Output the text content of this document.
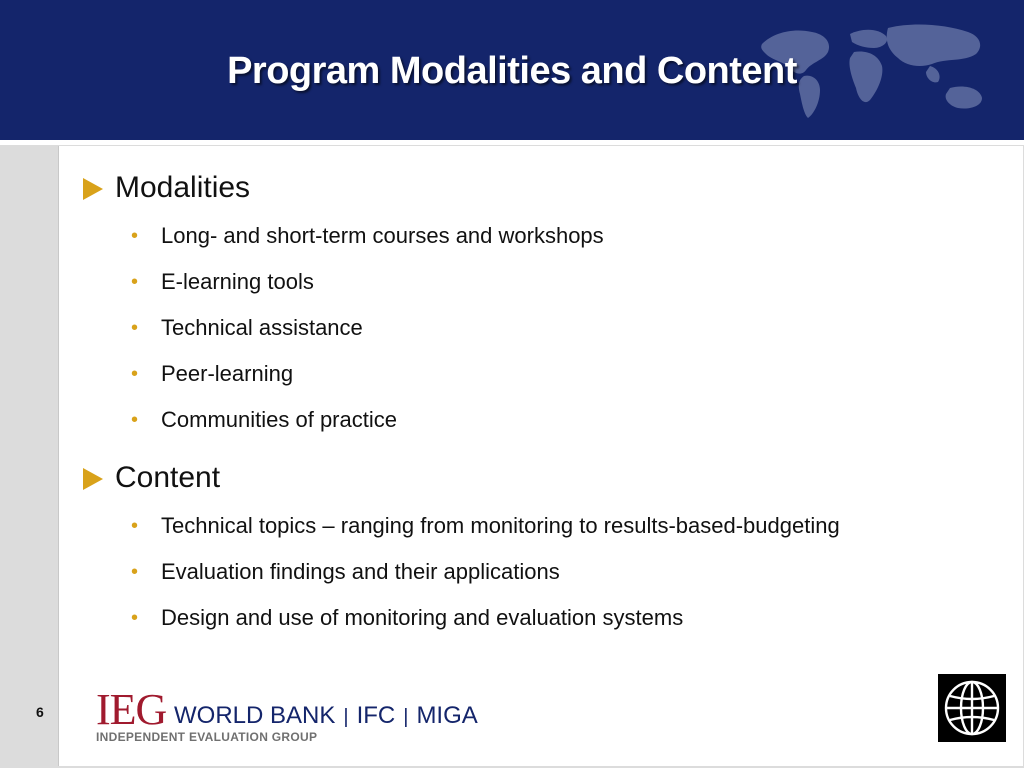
Program Modalities and Content
Modalities
• Long- and short-term courses and workshops
• E-learning tools
• Technical assistance
• Peer-learning
• Communities of practice
Content
• Technical topics – ranging from monitoring to results-based-budgeting
• Evaluation findings and their applications
• Design and use of monitoring and evaluation systems
6 IEG WORLD BANK | IFC | MIGA
INDEPENDENT EVALUATION GROUP
